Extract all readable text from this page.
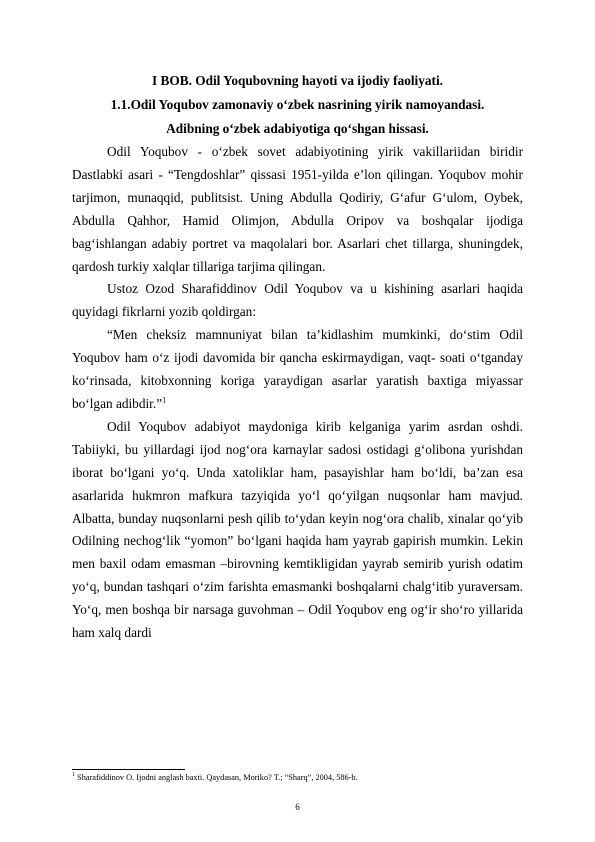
I BOB. Odil Yoqubovning hayoti va ijodiy faoliyati.
1.1.Odil Yoqubov zamonaviy o‘zbek nasrining yirik namoyandasi.
Adibning o‘zbek adabiyotiga qo‘shgan hissasi.

Odil Yoqubov - o‘zbek sovet adabiyotining yirik vakillariidan biridir Dastlabki asari - “Tengdoshlar” qissasi 1951-yilda e’lon qilingan. Yoqubov mohir tarjimon, munaqqid, publitsist. Uning Abdulla Qodiriy, G‘afur G‘ulom, Oybek, Abdulla Qahhor, Hamid Olimjon, Abdulla Oripov va boshqalar ijodiga bag‘ishlangan adabiy portret va maqolalari bor. Asarlari chet tillarga, shuningdek, qardosh turkiy xalqlar tillariga tarjima qilingan.

Ustoz Ozod Sharafiddinov Odil Yoqubov va u kishining asarlari haqida quyidagi fikrlarni yozib qoldirgan:

“Men cheksiz mamnuniyat bilan ta’kidlashim mumkinki, do‘stim Odil Yoqubov ham o‘z ijodi davomida bir qancha eskirmaydigan, vaqt- soati o‘tganday ko‘rinsada, kitobxonning koriga yaraydigan asarlar yaratish baxtiga miyassar bo‘lgan adibdir.”$^1$

Odil Yoqubov adabiyot maydoniga kirib kelganiga yarim asrdan oshdi. Tabiiyki, bu yillardagi ijod nog‘ora karnaylar sadosi ostidagi g‘olibona yurishdan iborat bo‘lgani yo‘q. Unda xatoliklar ham, pasayishlar ham bo‘ldi, ba’zan esa asarlarida hukmron mafkura tazyiqida yo‘l qo‘yilgan nuqsonlar ham mavjud. Albatta, bunday nuqsonlarni pesh qilib to‘ydan keyin nog‘ora chalib, xinalar qo‘yib Odilning nechog‘lik “yomon” bo‘lgani haqida ham yayrab gapirish mumkin. Lekin men baxil odam emasman –birovning kemtikligidan yayrab semirib yurish odatim yo‘q, bundan tashqari o‘zim farishta emasmanki boshqalarni chalg‘itib yuraversam. Yo‘q, men boshqa bir narsaga guvohman – Odil Yoqubov eng og‘ir sho‘ro yillarida ham xalq dardi

$^1$ Sharafiddinov O. Ijodni anglash baxti. Qaydasan, Moriko? T.; “Sharq”, 2004, 586-b.
6
